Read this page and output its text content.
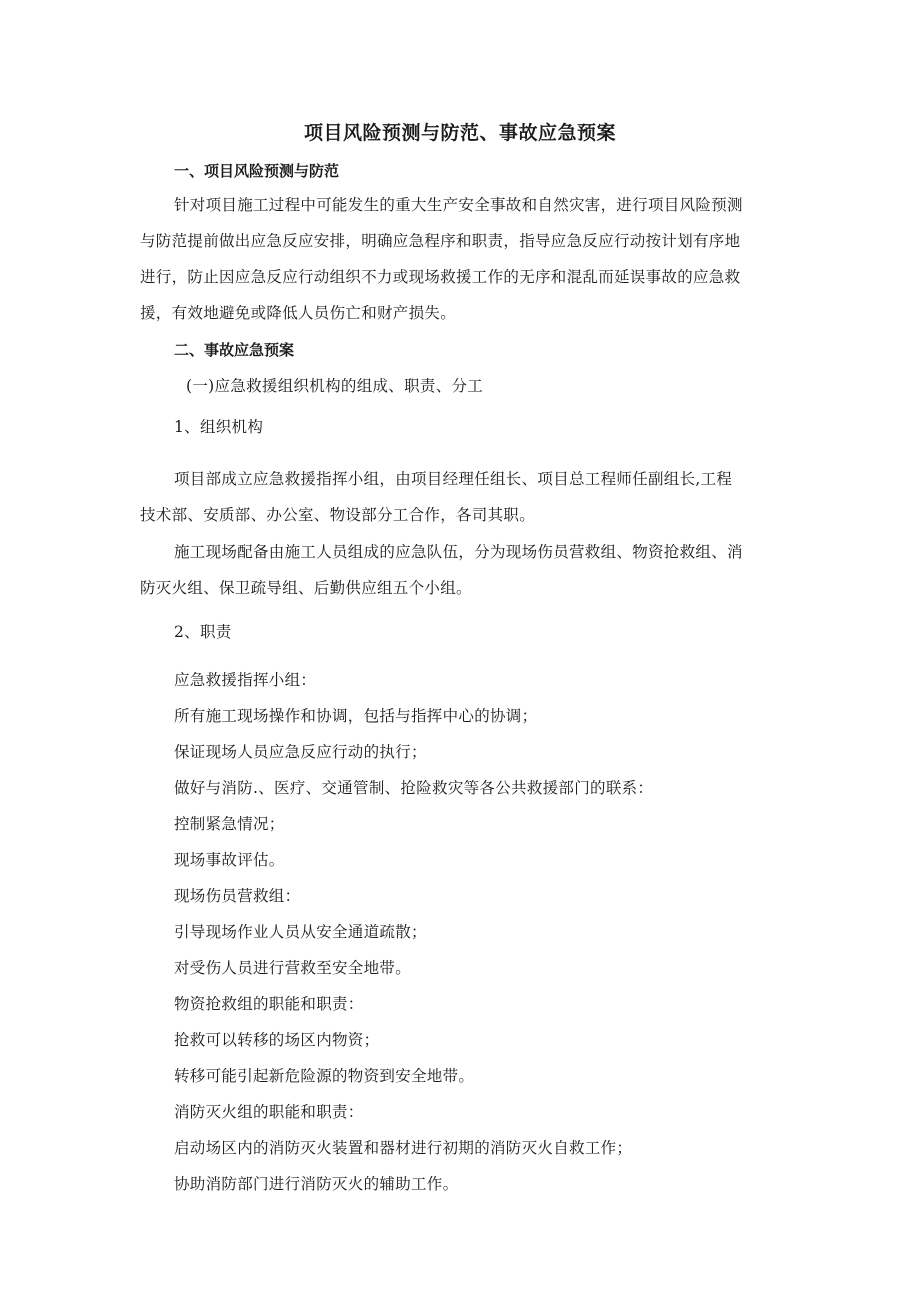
项目风险预测与防范、事故应急预案
一、项目风险预测与防范
针对项目施工过程中可能发生的重大生产安全事故和自然灾害，进行项目风险预测
与防范提前做出应急反应安排，明确应急程序和职责，指导应急反应行动按计划有序地
进行，防止因应急反应行动组织不力或现场救援工作的无序和混乱而延误事故的应急救
援，有效地避免或降低人员伤亡和财产损失。
二、事故应急预案
(一)应急救援组织机构的组成、职责、分工
1、组织机构
项目部成立应急救援指挥小组，由项目经理任组长、项目总工程师任副组长,工程
技术部、安质部、办公室、物设部分工合作，各司其职。
施工现场配备由施工人员组成的应急队伍，分为现场伤员营救组、物资抢救组、消
防灭火组、保卫疏导组、后勤供应组五个小组。
2、职责
应急救援指挥小组：
所有施工现场操作和协调，包括与指挥中心的协调；
保证现场人员应急反应行动的执行；
做好与消防.、医疗、交通管制、抢险救灾等各公共救援部门的联系：
控制紧急情况；
现场事故评估。
现场伤员营救组：
引导现场作业人员从安全通道疏散；
对受伤人员进行营救至安全地带。
物资抢救组的职能和职责：
抢救可以转移的场区内物资；
转移可能引起新危险源的物资到安全地带。
消防灭火组的职能和职责：
启动场区内的消防灭火装置和器材进行初期的消防灭火自救工作；
协助消防部门进行消防灭火的辅助工作。
